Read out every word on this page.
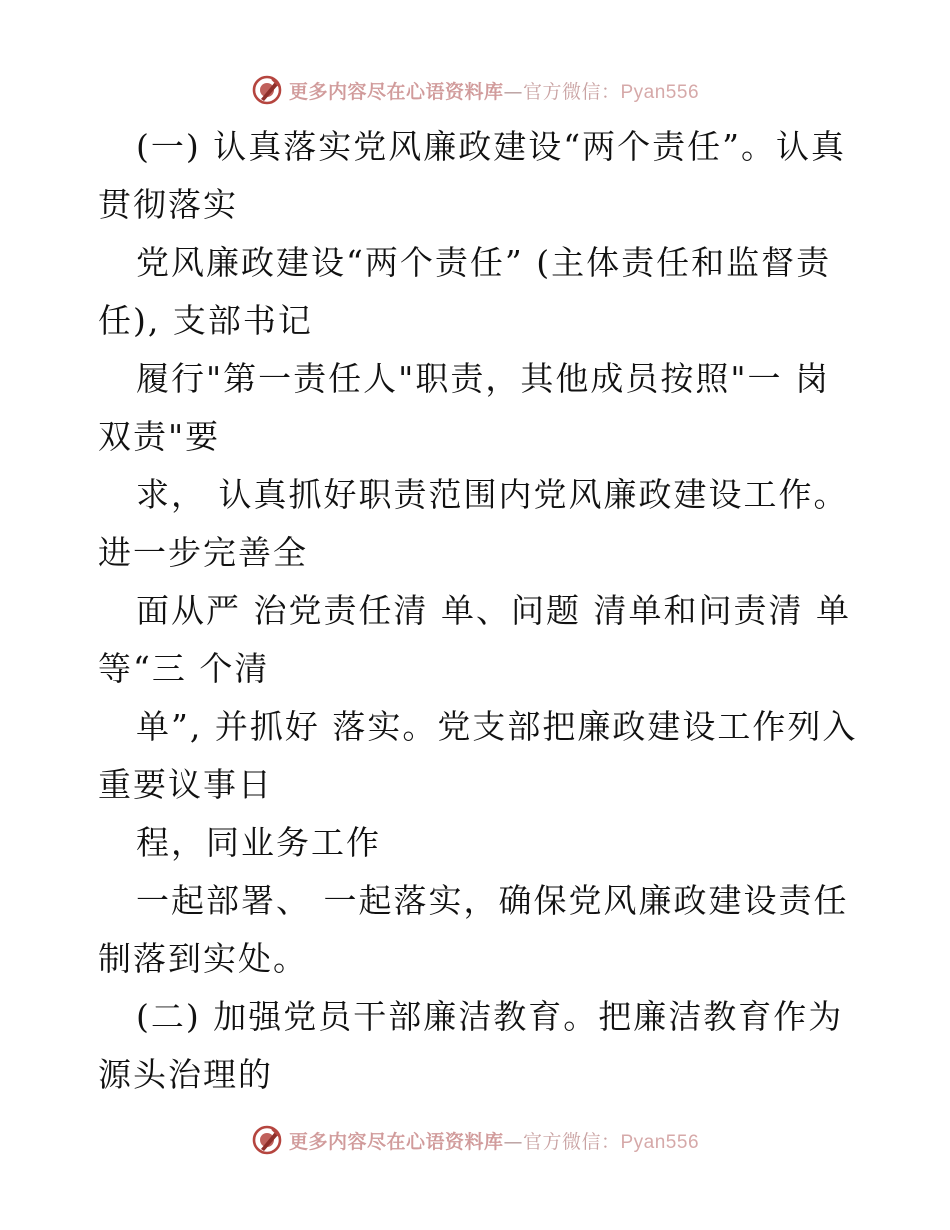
更多内容尽在心语资料库—官方微信：Pyan556

(一) 认真落实党风廉政建设“两个责任”。认真贯彻落实

党风廉政建设“两个责任” (主体责任和监督责任), 支部书记

履行"第一责任人"职责，其他成员按照"一 岗双责"要

求， 认真抓好职责范围内党风廉政建设工作。进一步完善全

面从严 治党责任清 单、问题 清单和问责清 单等“三 个清

单”, 并抓好 落实。党支部把廉政建设工作列入重要议事日

程，同业务工作

一起部署、 一起落实，确保党风廉政建设责任制落到实处。

(二) 加强党员干部廉洁教育。把廉洁教育作为源头治理的

更多内容尽在心语资料库—官方微信：Pyan556
